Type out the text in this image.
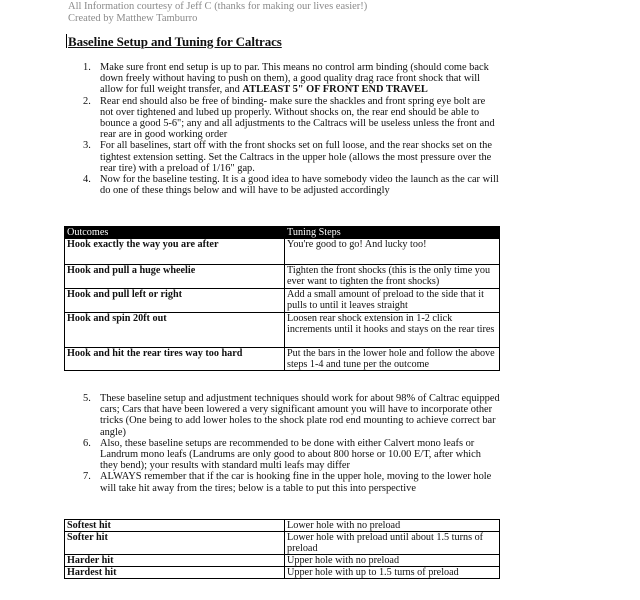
All Information courtesy of Jeff C (thanks for making our lives easier!)
Created by Matthew Tamburro
Baseline Setup and Tuning for Caltracs
1. Make sure front end setup is up to par. This means no control arm binding (should come back down freely without having to push on them), a good quality drag race front shock that will allow for full weight transfer, and ATLEAST 5" OF FRONT END TRAVEL
2. Rear end should also be free of binding- make sure the shackles and front spring eye bolt are not over tightened and lubed up properly. Without shocks on, the rear end should be able to bounce a good 5-6"; any and all adjustments to the Caltracs will be useless unless the front and rear are in good working order
3. For all baselines, start off with the front shocks set on full loose, and the rear shocks set on the tightest extension setting. Set the Caltracs in the upper hole (allows the most pressure over the rear tire) with a preload of 1/16" gap.
4. Now for the baseline testing. It is a good idea to have somebody video the launch as the car will do one of these things below and will have to be adjusted accordingly
Outcomes	Tuning Steps
Hook exactly the way you are after	You're good to go! And lucky too!
Hook and pull a huge wheelie	Tighten the front shocks (this is the only time you ever want to tighten the front shocks)
Hook and pull left or right	Add a small amount of preload to the side that it pulls to until it leaves straight
Hook and spin 20ft out	Loosen rear shock extension in 1-2 click increments until it hooks and stays on the rear tires
Hook and hit the rear tires way too hard	Put the bars in the lower hole and follow the above steps 1-4 and tune per the outcome
5. These baseline setup and adjustment techniques should work for about 98% of Caltrac equipped cars; Cars that have been lowered a very significant amount you will have to incorporate other tricks (One being to add lower holes to the shock plate rod end mounting to achieve correct bar angle)
6. Also, these baseline setups are recommended to be done with either Calvert mono leafs or Landrum mono leafs (Landrums are only good to about 800 horse or 10.00 E/T, after which they bend); your results with standard multi leafs may differ
7. ALWAYS remember that if the car is hooking fine in the upper hole, moving to the lower hole will take hit away from the tires; below is a table to put this into perspective
Softest hit	Lower hole with no preload
Softer hit	Lower hole with preload until about 1.5 turns of preload
Harder hit	Upper hole with no preload
Hardest hit	Upper hole with up to 1.5 turns of preload
